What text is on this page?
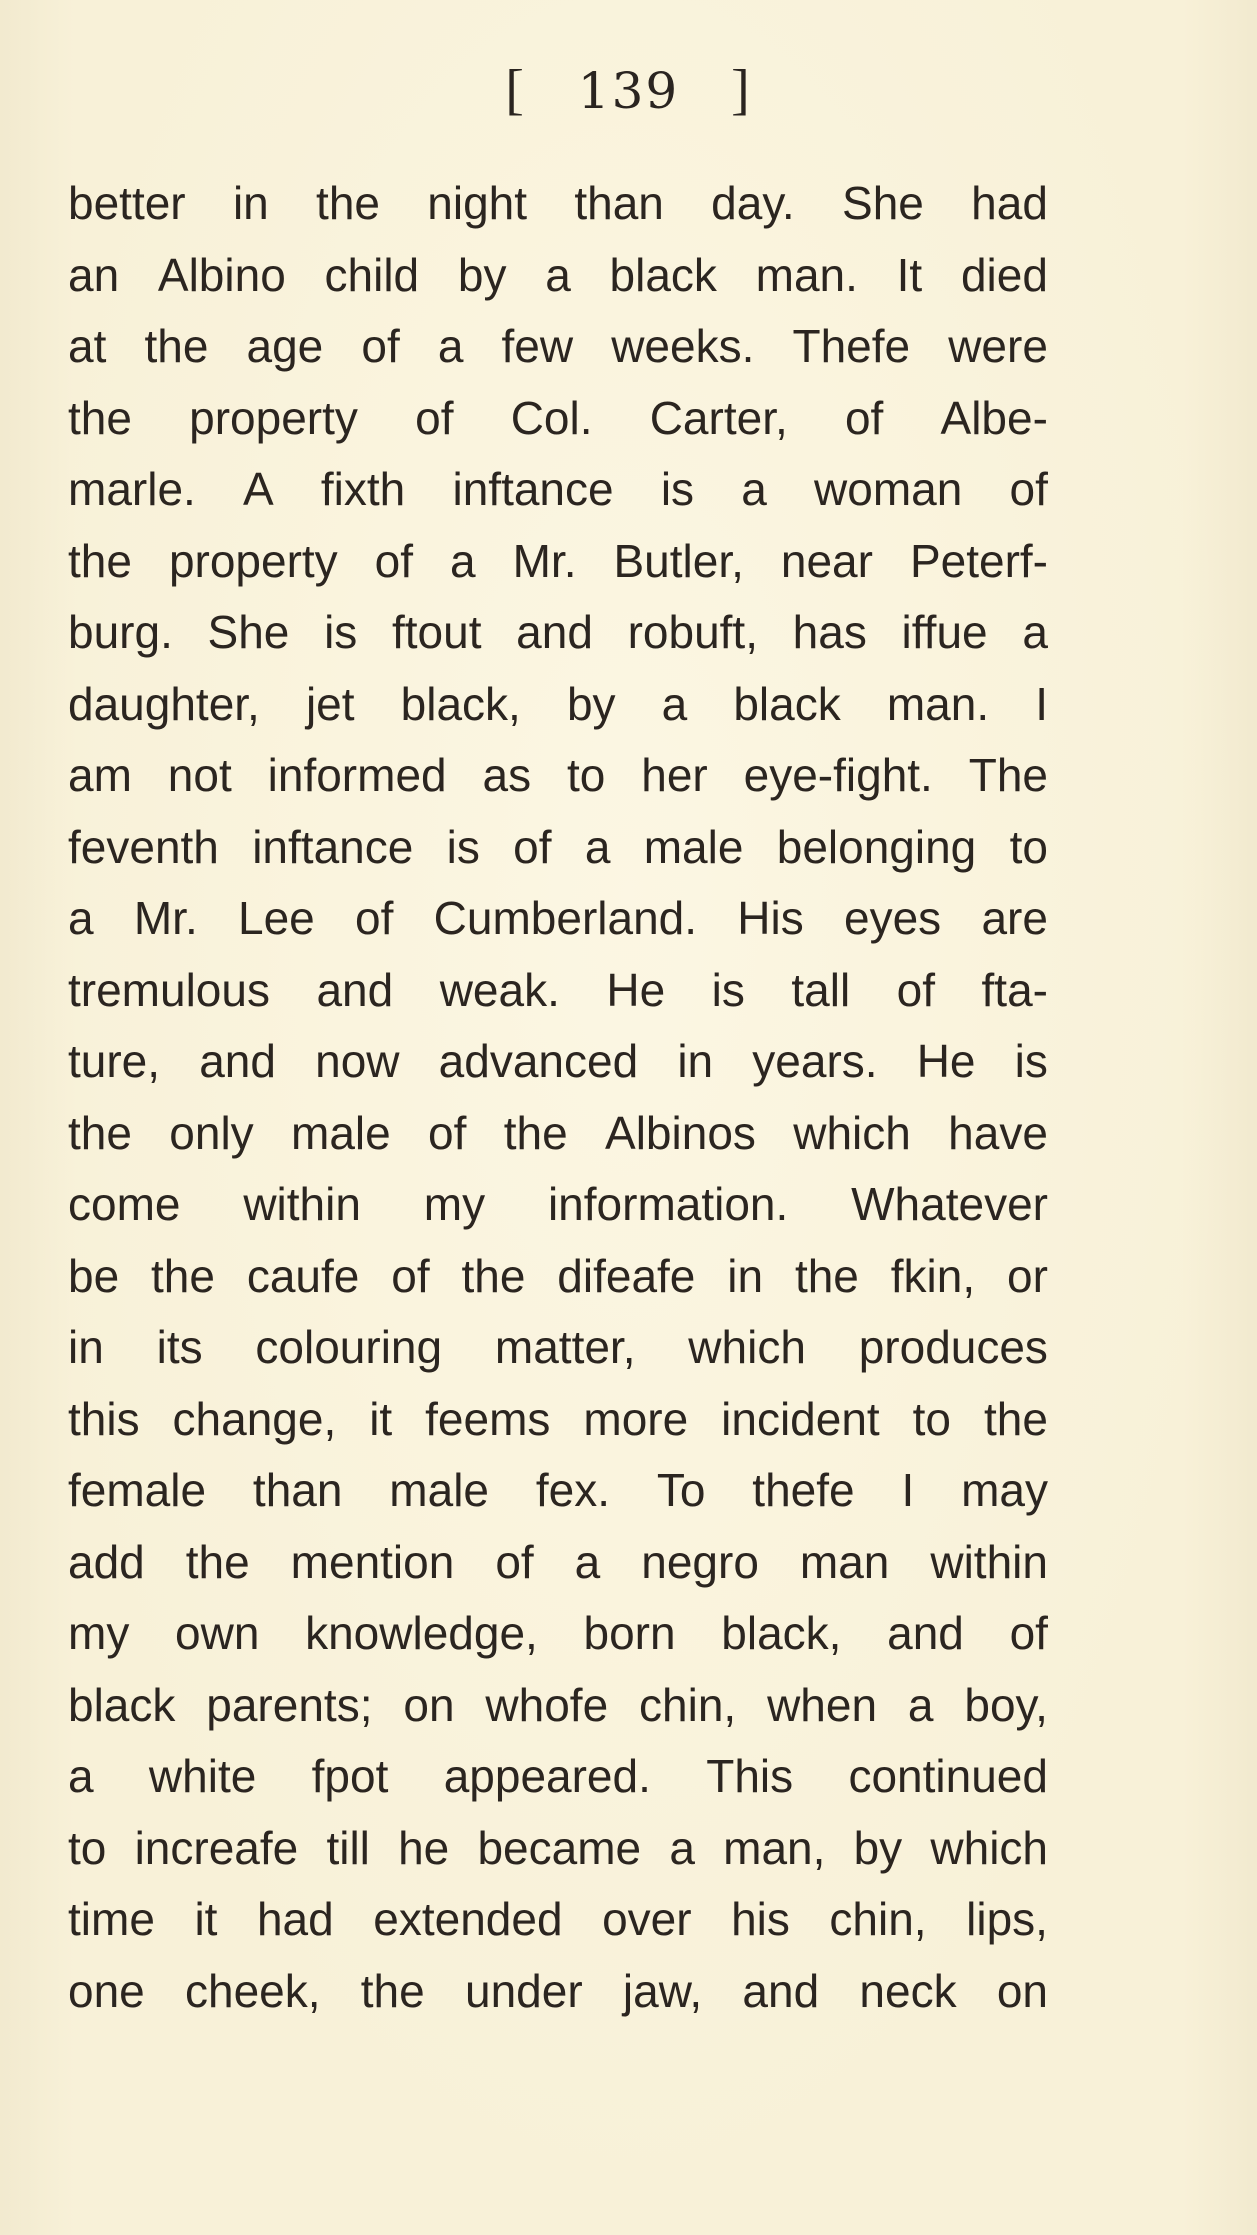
[ 139 ]
better in the night than day. She had
an Albino child by a black man. It died
at the age of a few weeks. Thefe were
the property of Col. Carter, of Albe-
marle. A fixth inftance is a woman of
the property of a Mr. Butler, near Peterf-
burg. She is ftout and robuft, has iffue a
daughter, jet black, by a black man. I
am not informed as to her eye-fight. The
feventh inftance is of a male belonging to
a Mr. Lee of Cumberland. His eyes are
tremulous and weak. He is tall of fta-
ture, and now advanced in years. He is
the only male of the Albinos which have
come within my information. Whatever
be the caufe of the difeafe in the fkin, or
in its colouring matter, which produces
this change, it feems more incident to the
female than male fex. To thefe I may
add the mention of a negro man within
my own knowledge, born black, and of
black parents; on whofe chin, when a boy,
a white fpot appeared. This continued
to increafe till he became a man, by which
time it had extended over his chin, lips,
one cheek, the under jaw, and neck on
